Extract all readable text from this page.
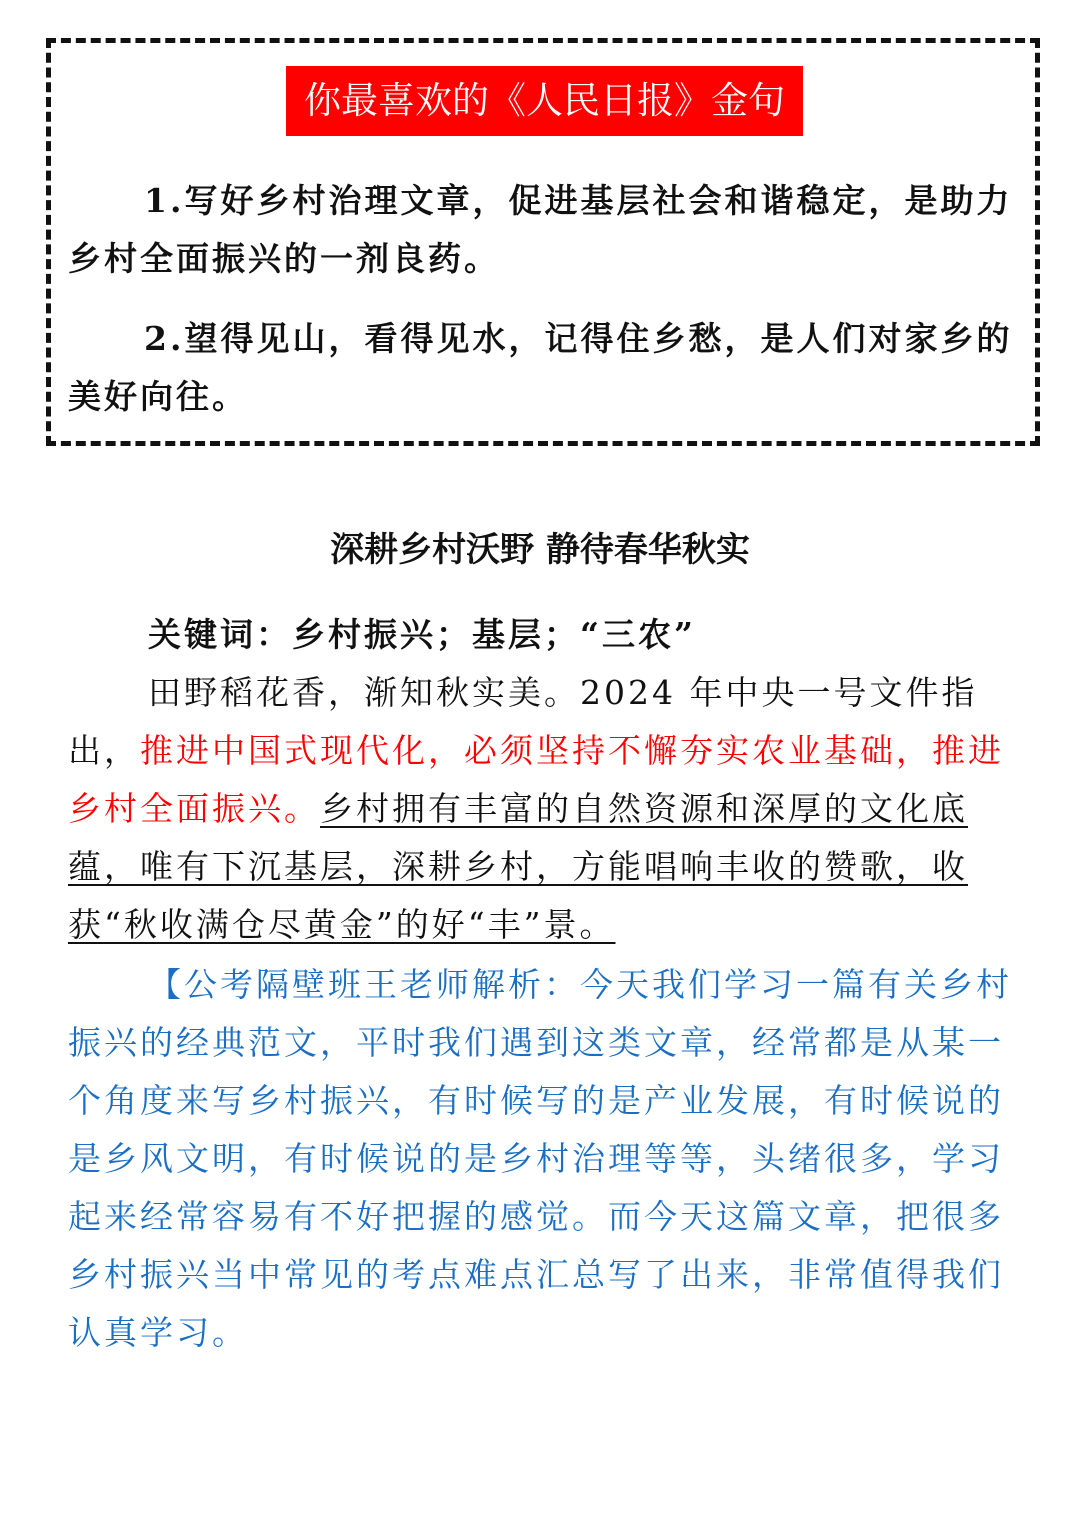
你最喜欢的《人民日报》金句

1.写好乡村治理文章，促进基层社会和谐稳定，是助力乡村全面振兴的一剂良药。

2.望得见山，看得见水，记得住乡愁，是人们对家乡的美好向往。

深耕乡村沃野 静待春华秋实

关键词：乡村振兴；基层；“三农”

田野稻花香，渐知秋实美。2024 年中央一号文件指出，推进中国式现代化，必须坚持不懈夯实农业基础，推进乡村全面振兴。乡村拥有丰富的自然资源和深厚的文化底蕴，唯有下沉基层，深耕乡村，方能唱响丰收的赞歌，收获“秋收满仓尽黄金”的好“丰”景。

【公考隔壁班王老师解析：今天我们学习一篇有关乡村振兴的经典范文，平时我们遇到这类文章，经常都是从某一个角度来写乡村振兴，有时候写的是产业发展，有时候说的是乡风文明，有时候说的是乡村治理等等，头绪很多，学习起来经常容易有不好把握的感觉。而今天这篇文章，把很多乡村振兴当中常见的考点难点汇总写了出来，非常值得我们认真学习。
